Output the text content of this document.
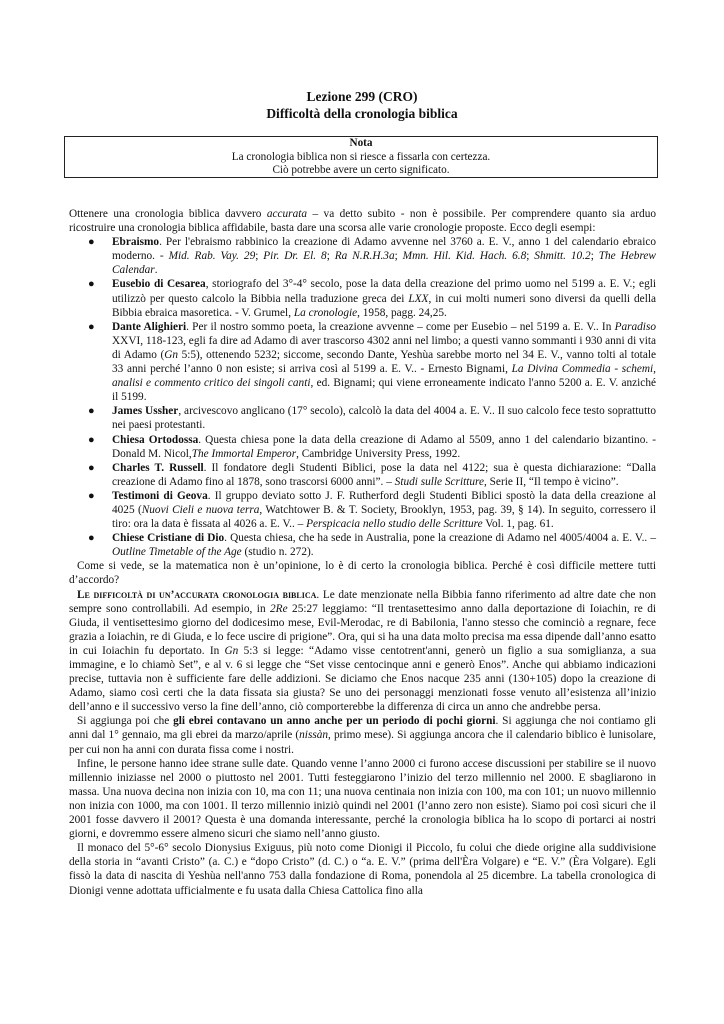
Lezione 299 (CRO)
Difficoltà della cronologia biblica
Nota
La cronologia biblica non si riesce a fissarla con certezza.
Ciò potrebbe avere un certo significato.

Ottenere una cronologia biblica davvero accurata – va detto subito - non è possibile. Per comprendere quanto sia arduo ricostruire una cronologia biblica affidabile, basta dare una scorsa alle varie cronologie proposte. Ecco degli esempi:

● Ebraismo. Per l'ebraismo rabbinico la creazione di Adamo avvenne nel 3760 a. E. V., anno 1 del calendario ebraico moderno. - Mid. Rab. Vay. 29; Pir. Dr. El. 8; Ra N.R.H.3a; Mmn. Hil. Kid. Hach. 6.8; Shmitt. 10.2; The Hebrew Calendar.
● Eusebio di Cesarea, storiografo del 3°-4° secolo, pose la data della creazione del primo uomo nel 5199 a. E. V.; egli utilizzò per questo calcolo la Bibbia nella traduzione greca dei LXX, in cui molti numeri sono diversi da quelli della Bibbia ebraica masoretica. - V. Grumel, La cronologie, 1958, pagg. 24,25.
● Dante Alighieri. Per il nostro sommo poeta, la creazione avvenne – come per Eusebio – nel 5199 a. E. V.. In Paradiso XXVI, 118-123, egli fa dire ad Adamo di aver trascorso 4302 anni nel limbo; a questi vanno sommanti i 930 anni di vita di Adamo (Gn 5:5), ottenendo 5232; siccome, secondo Dante, Yeshùa sarebbe morto nel 34 E. V., vanno tolti al totale 33 anni perché l’anno 0 non esiste; si arriva così al 5199 a. E. V.. - Ernesto Bignami, La Divina Commedia - schemi, analisi e commento critico dei singoli canti, ed. Bignami; qui viene erroneamente indicato l'anno 5200 a. E. V. anziché il 5199.
● James Ussher, arcivescovo anglicano (17° secolo), calcolò la data del 4004 a. E. V.. Il suo calcolo fece testo soprattutto nei paesi protestanti.
● Chiesa Ortodossa. Questa chiesa pone la data della creazione di Adamo al 5509, anno 1 del calendario bizantino. - Donald M. Nicol,The Immortal Emperor, Cambridge University Press, 1992.
● Charles T. Russell. Il fondatore degli Studenti Biblici, pose la data nel 4122; sua è questa dichiarazione: “Dalla creazione di Adamo fino al 1878, sono trascorsi 6000 anni”. – Studi sulle Scritture, Serie II, “Il tempo è vicino”.
● Testimoni di Geova. Il gruppo deviato sotto J. F. Rutherford degli Studenti Biblici spostò la data della creazione al 4025 (Nuovi Cieli e nuova terra, Watchtower B. & T. Society, Brooklyn, 1953, pag. 39, § 14). In seguito, corressero il tiro: ora la data è fissata al 4026 a. E. V.. – Perspicacia nello studio delle Scritture Vol. 1, pag. 61.
● Chiese Cristiane di Dio. Questa chiesa, che ha sede in Australia, pone la creazione di Adamo nel 4005/4004 a. E. V.. – Outline Timetable of the Age (studio n. 272).

Come si vede, se la matematica non è un’opinione, lo è di certo la cronologia biblica. Perché è così difficile mettere tutti d’accordo?

Le difficoltà di un’accurata cronologia biblica. Le date menzionate nella Bibbia fanno riferimento ad altre date che non sempre sono controllabili. Ad esempio, in 2Re 25:27 leggiamo: “Il trentasettesimo anno dalla deportazione di Ioiachin, re di Giuda, il ventisettesimo giorno del dodicesimo mese, Evil-Merodac, re di Babilonia, l'anno stesso che cominciò a regnare, fece grazia a Ioiachin, re di Giuda, e lo fece uscire di prigione”. Ora, qui si ha una data molto precisa ma essa dipende dall’anno esatto in cui Ioiachin fu deportato. In Gn 5:3 si legge: “Adamo visse centotrent'anni, generò un figlio a sua somiglianza, a sua immagine, e lo chiamò Set”, e al v. 6 si legge che “Set visse centocinque anni e generò Enos”. Anche qui abbiamo indicazioni precise, tuttavia non è sufficiente fare delle addizioni. Se diciamo che Enos nacque 235 anni (130+105) dopo la creazione di Adamo, siamo così certi che la data fissata sia giusta? Se uno dei personaggi menzionati fosse venuto all’esistenza all’inizio dell’anno e il successivo verso la fine dell’anno, ciò comporterebbe la differenza di circa un anno che andrebbe persa.

Si aggiunga poi che gli ebrei contavano un anno anche per un periodo di pochi giorni. Si aggiunga che noi contiamo gli anni dal 1° gennaio, ma gli ebrei da marzo/aprile (nissàn, primo mese). Si aggiunga ancora che il calendario biblico è lunisolare, per cui non ha anni con durata fissa come i nostri.

Infine, le persone hanno idee strane sulle date. Quando venne l’anno 2000 ci furono accese discussioni per stabilire se il nuovo millennio iniziasse nel 2000 o piuttosto nel 2001. Tutti festeggiarono l’inizio del terzo millennio nel 2000. E sbagliarono in massa. Una nuova decina non inizia con 10, ma con 11; una nuova centinaia non inizia con 100, ma con 101; un nuovo millennio non inizia con 1000, ma con 1001. Il terzo millennio iniziò quindi nel 2001 (l’anno zero non esiste). Siamo poi così sicuri che il 2001 fosse davvero il 2001? Questa è una domanda interessante, perché la cronologia biblica ha lo scopo di portarci ai nostri giorni, e dovremmo essere almeno sicuri che siamo nell’anno giusto.

Il monaco del 5°-6° secolo Dionysius Exiguus, più noto come Dionigi il Piccolo, fu colui che diede origine alla suddivisione della storia in “avanti Cristo” (a. C.) e “dopo Cristo” (d. C.) o “a. E. V.” (prima dell'Èra Volgare) e “E. V.” (Èra Volgare). Egli fissò la data di nascita di Yeshùa nell'anno 753 dalla fondazione di Roma, ponendola al 25 dicembre. La tabella cronologica di Dionigi venne adottata ufficialmente e fu usata dalla Chiesa Cattolica fino alla
